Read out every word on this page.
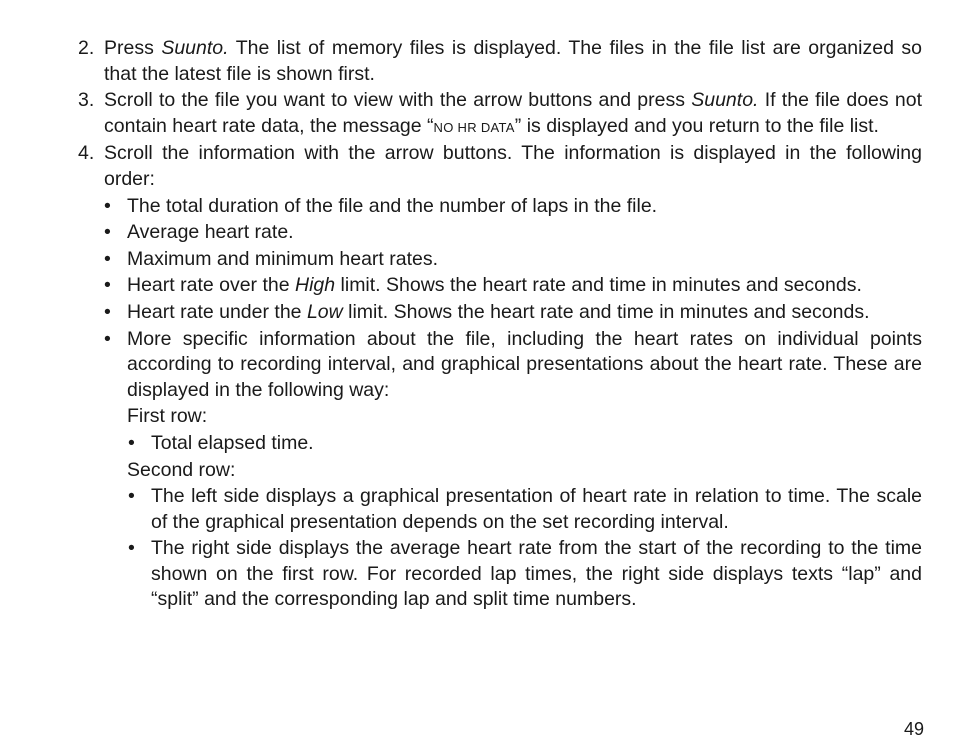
2. Press Suunto. The list of memory files is displayed. The files in the file list are organized so that the latest file is shown first.
3. Scroll to the file you want to view with the arrow buttons and press Suunto. If the file does not contain heart rate data, the message “NO HR DATA” is displayed and you return to the file list.
4. Scroll the information with the arrow buttons. The information is displayed in the following order:
• The total duration of the file and the number of laps in the file.
• Average heart rate.
• Maximum and minimum heart rates.
• Heart rate over the High limit. Shows the heart rate and time in minutes and seconds.
• Heart rate under the Low limit. Shows the heart rate and time in minutes and seconds.
• More specific information about the file, including the heart rates on individual points according to recording interval, and graphical presentations about the heart rate. These are displayed in the following way:
First row:
• Total elapsed time.
Second row:
• The left side displays a graphical presentation of heart rate in relation to time. The scale of the graphical presentation depends on the set recording interval.
• The right side displays the average heart rate from the start of the recording to the time shown on the first row. For recorded lap times, the right side displays texts “lap” and “split” and the corresponding lap and split time numbers.
49
